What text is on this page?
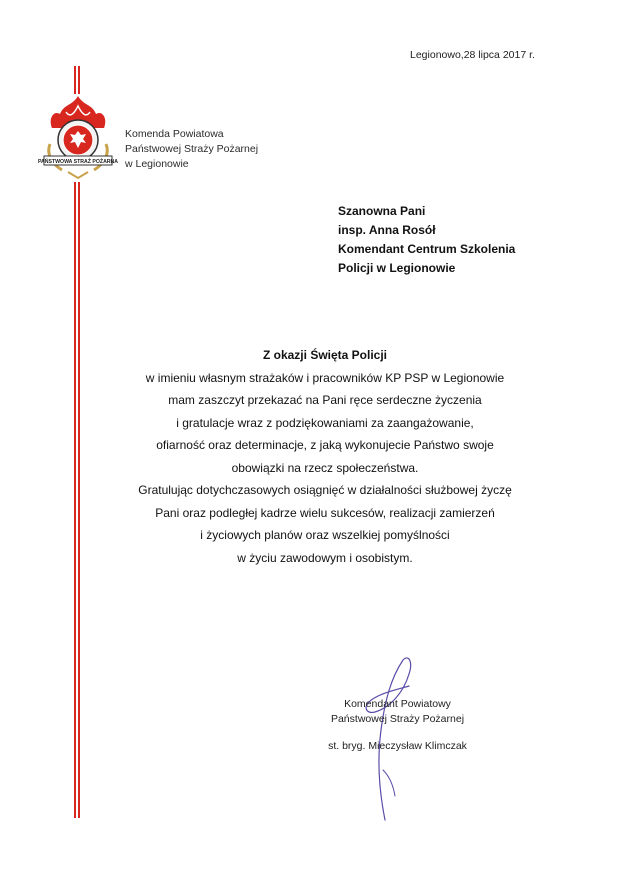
Legionowo,28 lipca 2017 r.
PAŃSTWOWA STRAŻ POŻARNA
Komenda Powiatowa
Państwowej Straży Pożarnej
w Legionowie
Szanowna Pani
insp. Anna Rosół
Komendant Centrum Szkolenia
Policji w Legionowie
Z okazji Święta Policji
w imieniu własnym strażaków i pracowników KP PSP w Legionowie
mam zaszczyt przekazać na Pani ręce serdeczne życzenia
i gratulacje wraz z podziękowaniami za zaangażowanie,
ofiarność oraz determinacje, z jaką wykonujecie Państwo swoje
obowiązki na rzecz społeczeństwa.
Gratulując dotychczasowych osiągnięć w działalności służbowej życzę
Pani oraz podległej kadrze wielu sukcesów, realizacji zamierzeń
i życiowych planów oraz wszelkiej pomyślności
w życiu zawodowym i osobistym.
Komendant Powiatowy
Państwowej Straży Pożarnej
st. bryg. Mieczysław Klimczak
